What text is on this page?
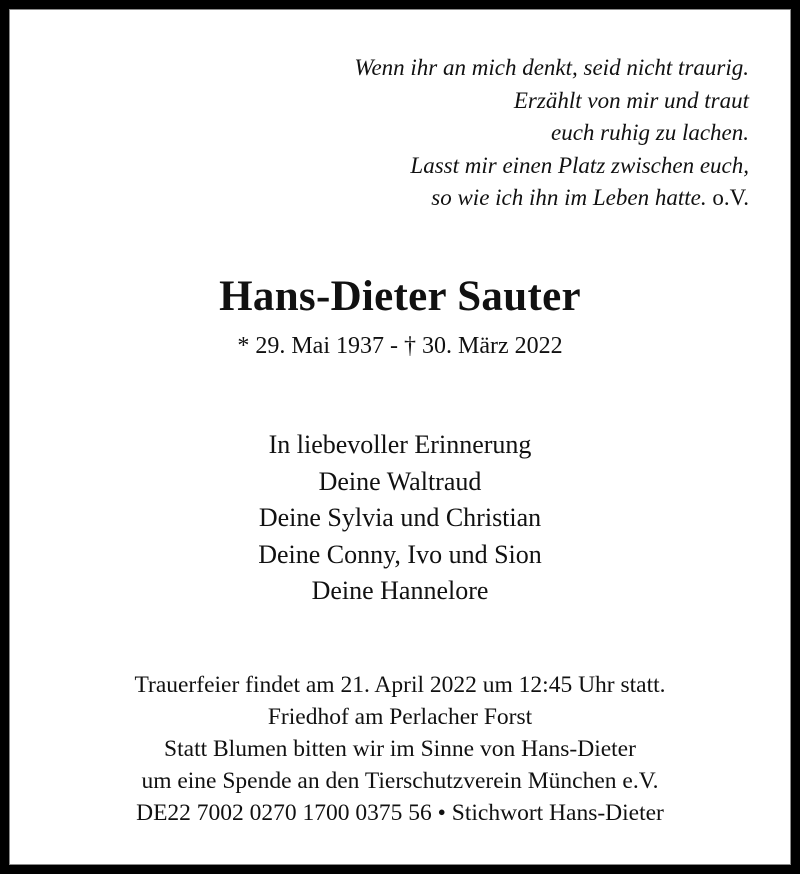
Wenn ihr an mich denkt, seid nicht traurig.
Erzählt von mir und traut
euch ruhig zu lachen.
Lasst mir einen Platz zwischen euch,
so wie ich ihn im Leben hatte. o.V.
Hans-Dieter Sauter
* 29. Mai 1937 - † 30. März 2022
In liebevoller Erinnerung
Deine Waltraud
Deine Sylvia und Christian
Deine Conny, Ivo und Sion
Deine Hannelore
Trauerfeier findet am 21. April 2022 um 12:45 Uhr statt.
Friedhof am Perlacher Forst
Statt Blumen bitten wir im Sinne von Hans-Dieter
um eine Spende an den Tierschutzverein München e.V.
DE22 7002 0270 1700 0375 56 • Stichwort Hans-Dieter
